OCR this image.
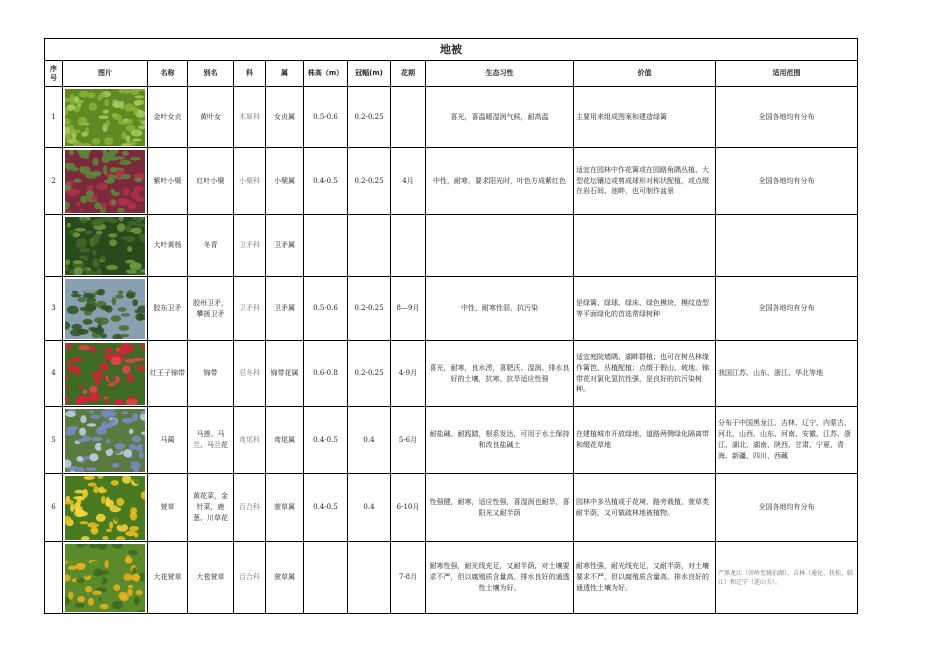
地被											
序号	图片	名称	别名	科	属	株高（m）	冠幅(m)	花期	生态习性	价值	适用范围
1		金叶女贞	黄叶女	木犀科	女贞属	0.5-0.6	0.2-0.25		喜光，喜温暖湿润气候，耐高温	主要用来组成图案和建造绿篱	全国各地均有分布
2		紫叶小檗	红叶小檗	小檗科	小檗属	0.4-0.5	0.2-0.25	4月	中性，耐寒，要求阳光时，叶色方成紫红色	适宜在园林中作花篱或在园路角隅丛植、大型花坛镶边或剪成球形对称状配植，或点缀在岩石间、池畔，也可制作盆景	全国各地均有分布

	大叶黄杨	冬青	卫矛科	卫矛属						
3		胶东卫矛	胶州卫矛，攀援卫矛	卫矛科	卫矛属	0.5-0.6	0.2-0.25	8—9月	中性，耐寒性弱，抗污染	是绿篱、绿球、绿床、绿色模块、模纹造型等平面绿化的首选常绿树种	全国各地均有分布
4		红王子锦带	锦带	忍冬科	锦带花属	0.6-0.8	0.2-0.25	4-9月	喜光，耐寒，良水涝，喜肥沃、湿润、排水良好的土壤，抗寒、抗旱适应性强	适宜庭院墙隅、湖畔群植；也可在树丛林缘作篱笆、丛植配植；点缀于假山、坡地。锦带花对氯化氢抗性强，是良好的抗污染树种。	我国江苏、山东、浙江、华北等地
5		马蔺	马莲、马兰、马兰花	鸢尾科	鸢尾属	0.4-0.5	0.4	5-6月	耐盐碱、耐践踏，根系发达，可用于水土保持和改良盐碱土	在建植城市开放绿地、道路两侧绿化隔离带和缀花草地	分布于中国黑龙江、吉林、辽宁、内蒙古、河北、山西、山东、河南、安徽、江苏、浙江、湖北、湖南、陕西、甘肃、宁夏、青海、新疆、四川、西藏
6		萱草	黄花菜，金针菜，鹿葱、川草花	百合科	萱草属	0.4-0.5	0.4	6-10月	性强健，耐寒，适应性强，喜湿润也耐旱，喜阳光又耐半荫	园林中多丛植或于花境、路旁栽植。萱草类耐半荫，又可做疏林地被植物。	全国各地均有分布

	大花萱草	大苞萱草	百合科	萱草属			7-8月	耐寒性强，耐光线充足，又耐半荫，对土壤要求不严，但以腐殖质含量高、排水良好的通透性土壤为好。	耐寒性强，耐光线充足，又耐半荫，对土壤要求不严，但以腐殖质含量高、排水良好的通透性土壤为好。	产黑龙江（帝岭至镜泊湖）、吉林（通化、抚松、临江）和辽宁（连山关）。
